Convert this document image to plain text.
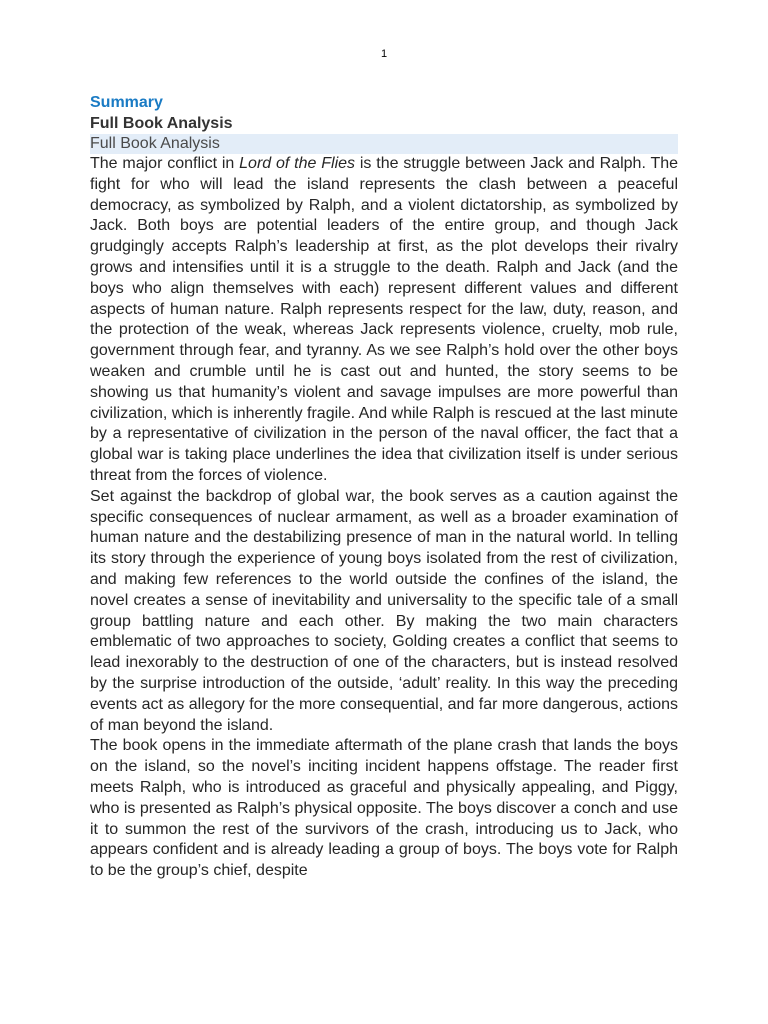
1

Summary

Full Book Analysis

Full Book Analysis

The major conflict in Lord of the Flies is the struggle between Jack and Ralph. The fight for who will lead the island represents the clash between a peaceful democracy, as symbolized by Ralph, and a violent dictatorship, as symbolized by Jack. Both boys are potential leaders of the entire group, and though Jack grudgingly accepts Ralph’s leadership at first, as the plot develops their rivalry grows and intensifies until it is a struggle to the death. Ralph and Jack (and the boys who align themselves with each) represent different values and different aspects of human nature. Ralph represents respect for the law, duty, reason, and the protection of the weak, whereas Jack represents violence, cruelty, mob rule, government through fear, and tyranny. As we see Ralph’s hold over the other boys weaken and crumble until he is cast out and hunted, the story seems to be showing us that humanity’s violent and savage impulses are more powerful than civilization, which is inherently fragile. And while Ralph is rescued at the last minute by a representative of civilization in the person of the naval officer, the fact that a global war is taking place underlines the idea that civilization itself is under serious threat from the forces of violence.

Set against the backdrop of global war, the book serves as a caution against the specific consequences of nuclear armament, as well as a broader examination of human nature and the destabilizing presence of man in the natural world. In telling its story through the experience of young boys isolated from the rest of civilization, and making few references to the world outside the confines of the island, the novel creates a sense of inevitability and universality to the specific tale of a small group battling nature and each other. By making the two main characters emblematic of two approaches to society, Golding creates a conflict that seems to lead inexorably to the destruction of one of the characters, but is instead resolved by the surprise introduction of the outside, ‘adult’ reality. In this way the preceding events act as allegory for the more consequential, and far more dangerous, actions of man beyond the island.

The book opens in the immediate aftermath of the plane crash that lands the boys on the island, so the novel’s inciting incident happens offstage. The reader first meets Ralph, who is introduced as graceful and physically appealing, and Piggy, who is presented as Ralph’s physical opposite. The boys discover a conch and use it to summon the rest of the survivors of the crash, introducing us to Jack, who appears confident and is already leading a group of boys. The boys vote for Ralph to be the group’s chief, despite
